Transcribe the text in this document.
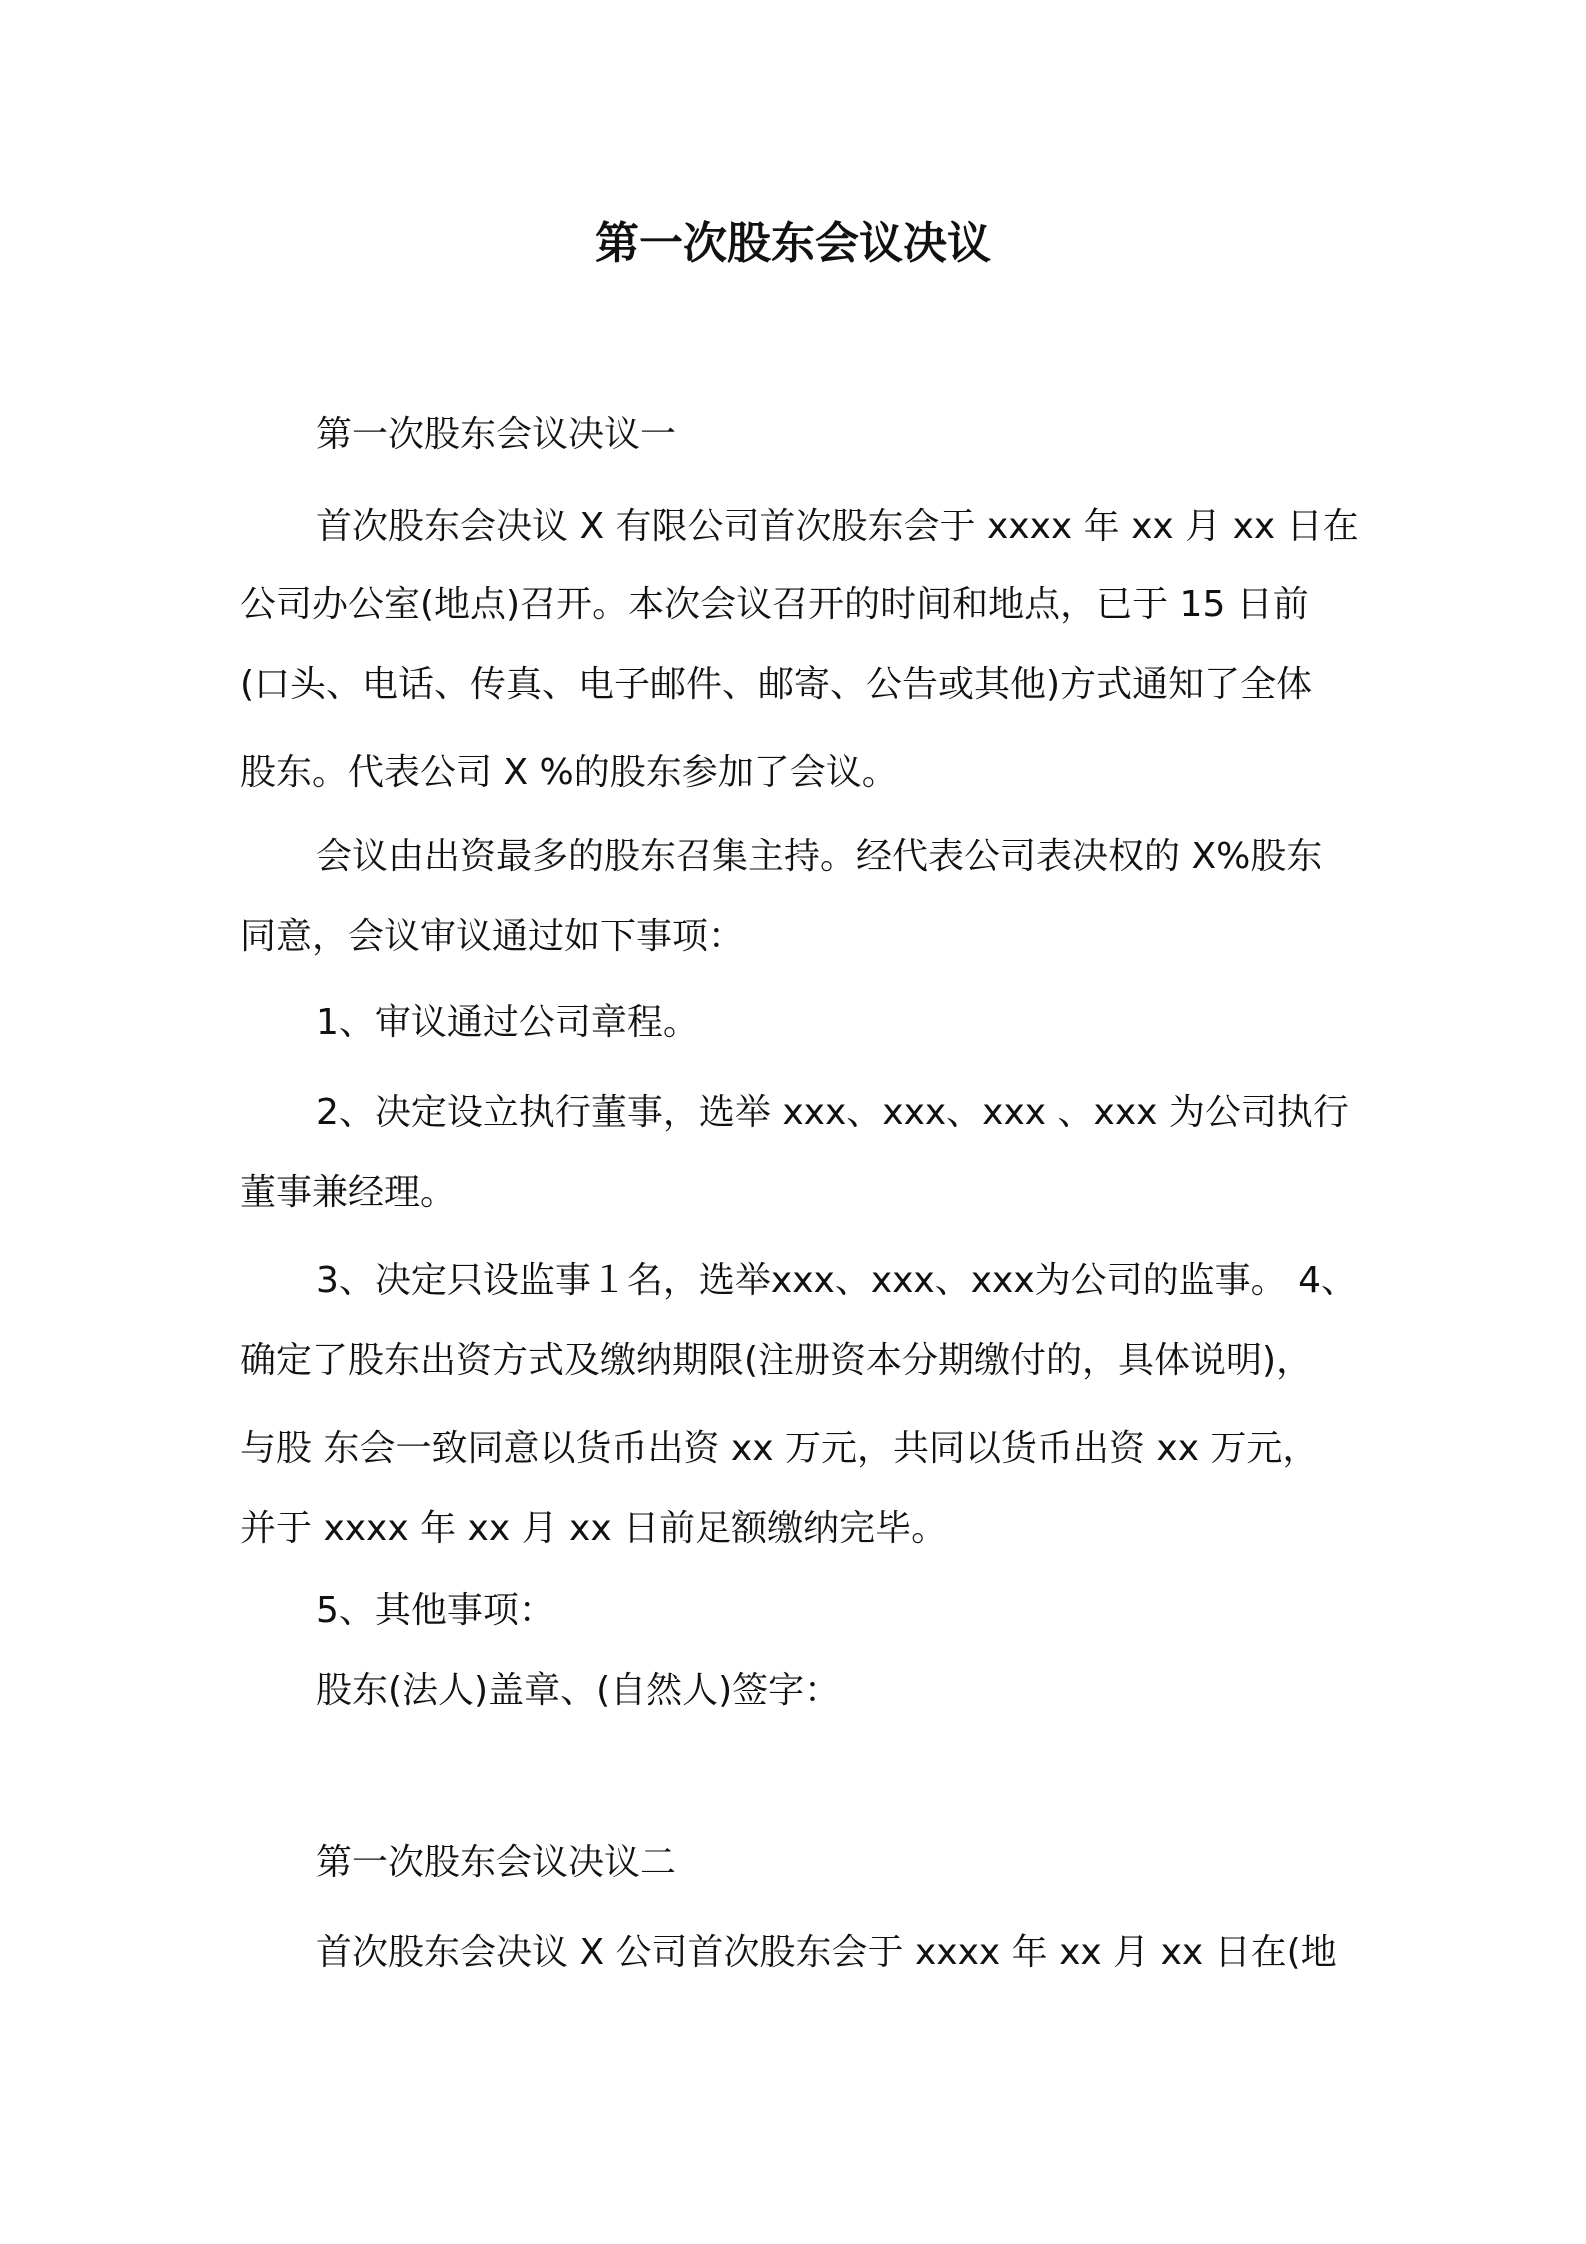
第一次股东会议决议
第一次股东会议决议一
首次股东会决议 X 有限公司首次股东会于 xxxx 年 xx 月 xx 日在
公司办公室(地点)召开。本次会议召开的时间和地点，已于 15 日前
(口头、电话、传真、电子邮件、邮寄、公告或其他)方式通知了全体
股东。代表公司 X %的股东参加了会议。
会议由出资最多的股东召集主持。经代表公司表决权的 X%股东
同意，会议审议通过如下事项：
1、审议通过公司章程。
2、决定设立执行董事，选举 xxx、xxx、xxx 、xxx 为公司执行
董事兼经理。
3、决定只设监事１名，选举xxx、xxx、xxx为公司的监事。 4、
确定了股东出资方式及缴纳期限(注册资本分期缴付的，具体说明)，
与股 东会一致同意以货币出资 xx 万元，共同以货币出资 xx 万元，
并于 xxxx 年 xx 月 xx 日前足额缴纳完毕。
5、其他事项：
股东(法人)盖章、(自然人)签字：
第一次股东会议决议二
首次股东会决议 X 公司首次股东会于 xxxx 年 xx 月 xx 日在(地
